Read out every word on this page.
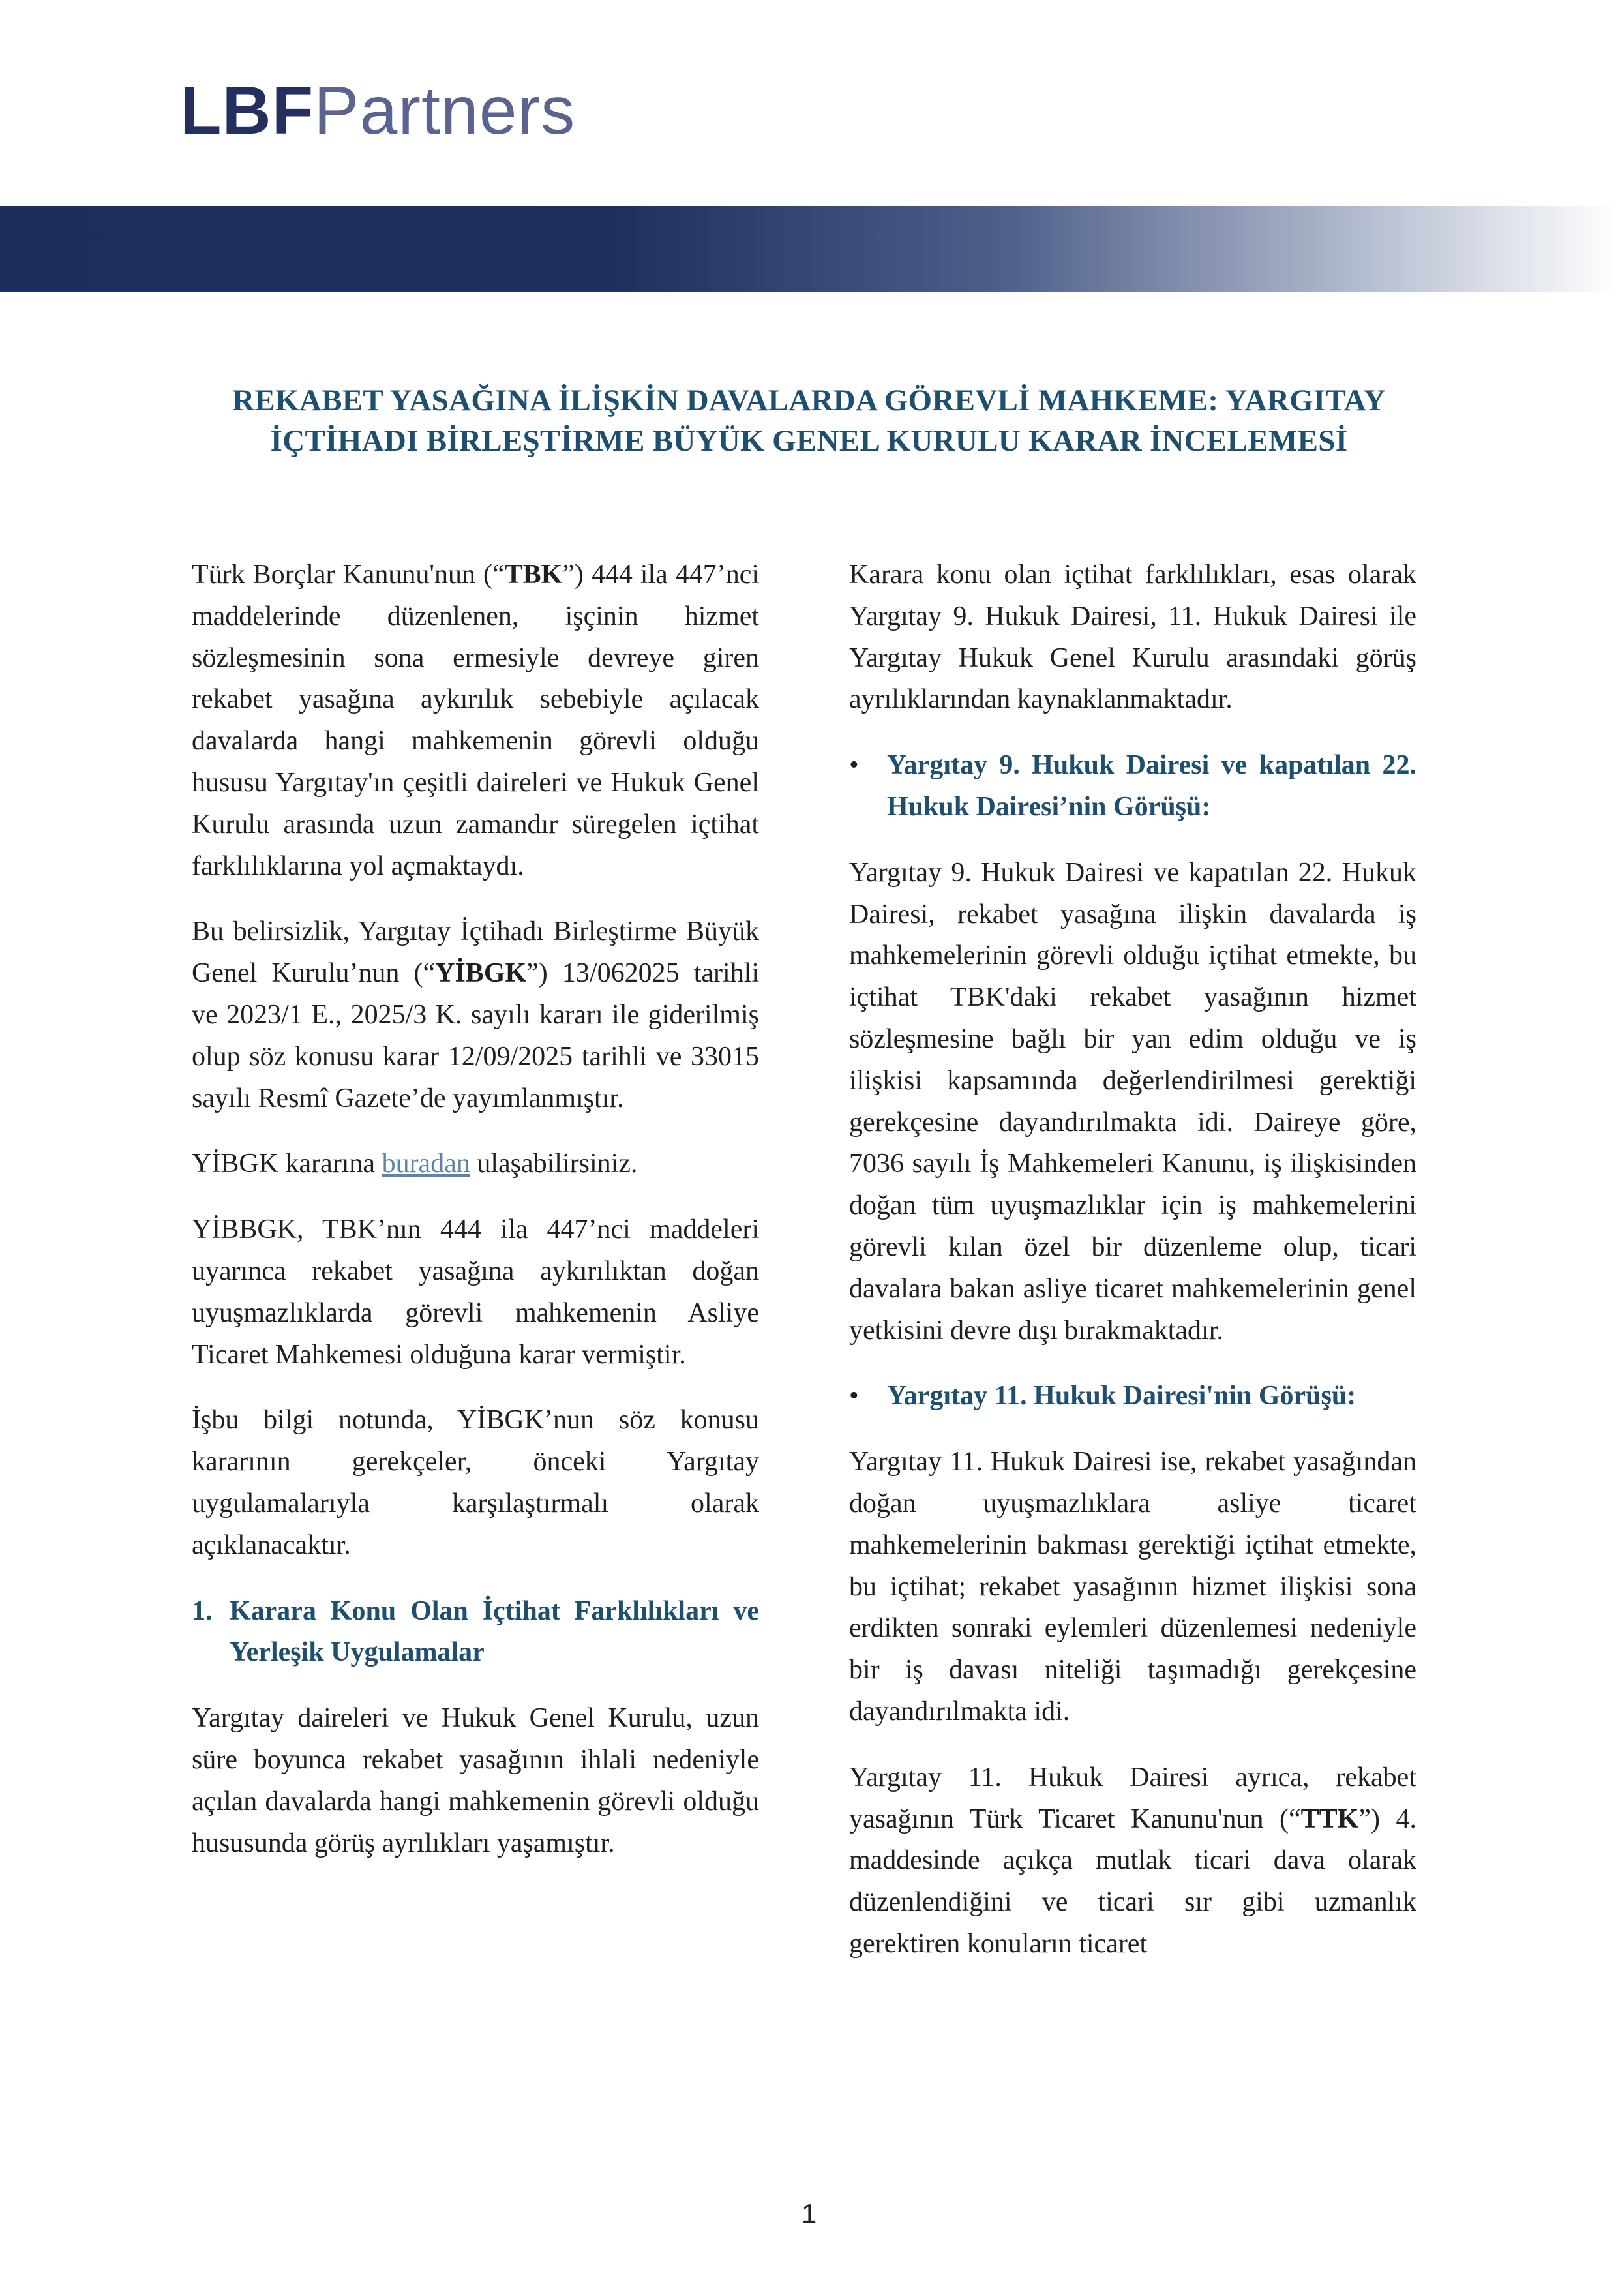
LBFPartners
REKABET YASAĞINA İLİŞKİN DAVALARDA GÖREVLİ MAHKEME: YARGITAY
İÇTİHADI BİRLEŞTİRME BÜYÜK GENEL KURULU KARAR İNCELEMESİ

Türk Borçlar Kanunu'nun (“TBK”) 444 ila 447’nci maddelerinde düzenlenen, işçinin hizmet sözleşmesinin sona ermesiyle devreye giren rekabet yasağına aykırılık sebebiyle açılacak davalarda hangi mahkemenin görevli olduğu hususu Yargıtay'ın çeşitli daireleri ve Hukuk Genel Kurulu arasında uzun zamandır süregelen içtihat farklılıklarına yol açmaktaydı.

Bu belirsizlik, Yargıtay İçtihadı Birleştirme Büyük Genel Kurulu’nun (“YİBGK”) 13/062025 tarihli ve 2023/1 E., 2025/3 K. sayılı kararı ile giderilmiş olup söz konusu karar 12/09/2025 tarihli ve 33015 sayılı Resmî Gazete’de yayımlanmıştır.

YİBGK kararına buradan ulaşabilirsiniz.

YİBBGK, TBK’nın 444 ila 447’nci maddeleri uyarınca rekabet yasağına aykırılıktan doğan uyuşmazlıklarda görevli mahkemenin Asliye Ticaret Mahkemesi olduğuna karar vermiştir.

İşbu bilgi notunda, YİBGK’nun söz konusu kararının gerekçeler, önceki Yargıtay uygulamalarıyla karşılaştırmalı olarak açıklanacaktır.

1. Karara Konu Olan İçtihat Farklılıkları ve Yerleşik Uygulamalar

Yargıtay daireleri ve Hukuk Genel Kurulu, uzun süre boyunca rekabet yasağının ihlali nedeniyle açılan davalarda hangi mahkemenin görevli olduğu hususunda görüş ayrılıkları yaşamıştır.

Karara konu olan içtihat farklılıkları, esas olarak Yargıtay 9. Hukuk Dairesi, 11. Hukuk Dairesi ile Yargıtay Hukuk Genel Kurulu arasındaki görüş ayrılıklarından kaynaklanmaktadır.

• Yargıtay 9. Hukuk Dairesi ve kapatılan 22. Hukuk Dairesi’nin Görüşü:

Yargıtay 9. Hukuk Dairesi ve kapatılan 22. Hukuk Dairesi, rekabet yasağına ilişkin davalarda iş mahkemelerinin görevli olduğu içtihat etmekte, bu içtihat TBK'daki rekabet yasağının hizmet sözleşmesine bağlı bir yan edim olduğu ve iş ilişkisi kapsamında değerlendirilmesi gerektiği gerekçesine dayandırılmakta idi. Daireye göre, 7036 sayılı İş Mahkemeleri Kanunu, iş ilişkisinden doğan tüm uyuşmazlıklar için iş mahkemelerini görevli kılan özel bir düzenleme olup, ticari davalara bakan asliye ticaret mahkemelerinin genel yetkisini devre dışı bırakmaktadır.

• Yargıtay 11. Hukuk Dairesi'nin Görüşü:

Yargıtay 11. Hukuk Dairesi ise, rekabet yasağından doğan uyuşmazlıklara asliye ticaret mahkemelerinin bakması gerektiği içtihat etmekte, bu içtihat; rekabet yasağının hizmet ilişkisi sona erdikten sonraki eylemleri düzenlemesi nedeniyle bir iş davası niteliği taşımadığı gerekçesine dayandırılmakta idi.

Yargıtay 11. Hukuk Dairesi ayrıca, rekabet yasağının Türk Ticaret Kanunu'nun (“TTK”) 4. maddesinde açıkça mutlak ticari dava olarak düzenlendiğini ve ticari sır gibi uzmanlık gerektiren konuların ticaret

1
